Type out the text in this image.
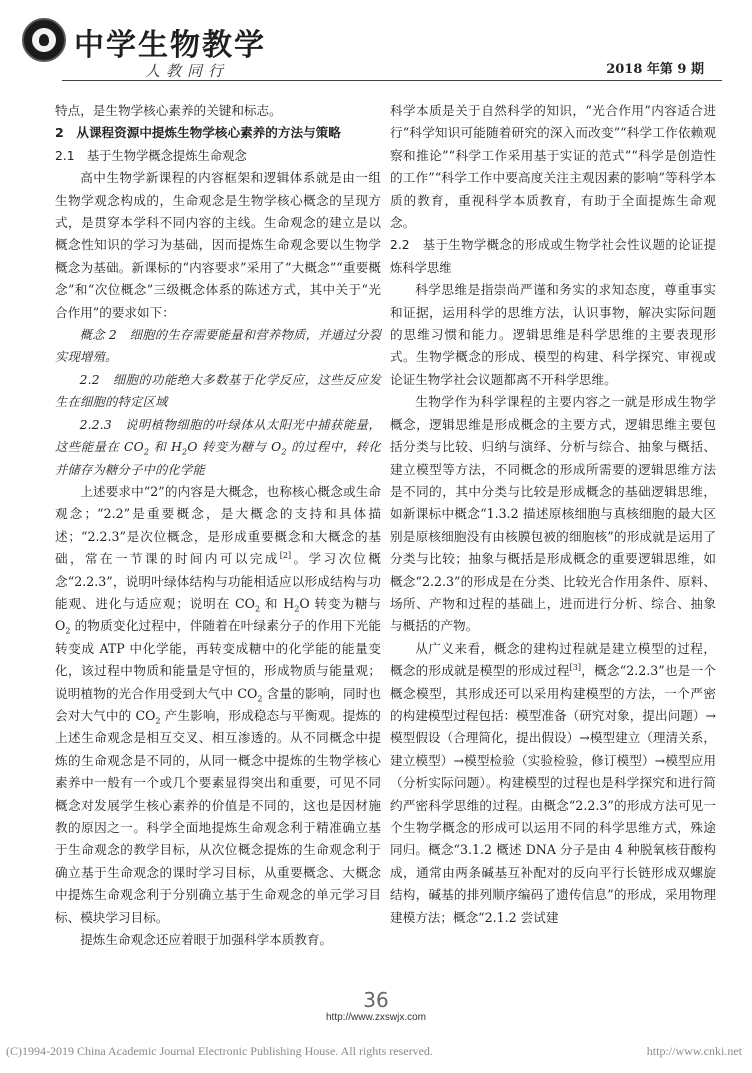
中学生物教学
人教同行	2018 年第 9 期

特点，是生物学核心素养的关键和标志。

2　从课程资源中提炼生物学核心素养的方法与策略

2.1　基于生物学概念提炼生命观念

高中生物学新课程的内容框架和逻辑体系就是由一组生物学观念构成的，生命观念是生物学核心概念的呈现方式，是贯穿本学科不同内容的主线。生命观念的建立是以概念性知识的学习为基础，因而提炼生命观念要以生物学概念为基础。新课标的“内容要求”采用了“大概念”“重要概念”和“次位概念”三级概念体系的陈述方式，其中关于“光合作用”的要求如下：

概念 2　细胞的生存需要能量和营养物质，并通过分裂实现增殖。

2.2　细胞的功能绝大多数基于化学反应，这些反应发生在细胞的特定区域

2.2.3　说明植物细胞的叶绿体从太阳光中捕获能量，这些能量在 $CO_2$ 和 $H_2O$ 转变为糖与 $O_2$ 的过程中，转化并储存为糖分子中的化学能

上述要求中“2”的内容是大概念，也称核心概念或生命观念；“2.2”是重要概念，是大概念的支持和具体描述；“2.2.3”是次位概念，是形成重要概念和大概念的基础，常在一节课的时间内可以完成[2]。学习次位概念“2.2.3”，说明叶绿体结构与功能相适应以形成结构与功能观、进化与适应观；说明在 $CO_2$ 和 $H_2O$ 转变为糖与 $O_2$ 的物质变化过程中，伴随着在叶绿素分子的作用下光能转变成 ATP 中化学能，再转变成糖中的化学能的能量变化，该过程中物质和能量是守恒的，形成物质与能量观；说明植物的光合作用受到大气中 $CO_2$ 含量的影响，同时也会对大气中的 $CO_2$ 产生影响，形成稳态与平衡观。提炼的上述生命观念是相互交叉、相互渗透的。从不同概念中提炼的生命观念是不同的，从同一概念中提炼的生物学核心素养中一般有一个或几个要素显得突出和重要，可见不同概念对发展学生核心素养的价值是不同的，这也是因材施教的原因之一。科学全面地提炼生命观念利于精准确立基于生命观念的教学目标，从次位概念提炼的生命观念利于确立基于生命观念的课时学习目标，从重要概念、大概念中提炼生命观念利于分别确立基于生命观念的单元学习目标、模块学习目标。

提炼生命观念还应着眼于加强科学本质教育。

科学本质是关于自然科学的知识，“光合作用”内容适合进行“科学知识可能随着研究的深入而改变”“科学工作依赖观察和推论”“科学工作采用基于实证的范式”“科学是创造性的工作”“科学工作中要高度关注主观因素的影响”等科学本质的教育，重视科学本质教育，有助于全面提炼生命观念。

2.2　基于生物学概念的形成或生物学社会性议题的论证提炼科学思维

科学思维是指崇尚严谨和务实的求知态度，尊重事实和证据，运用科学的思维方法，认识事物，解决实际问题的思维习惯和能力。逻辑思维是科学思维的主要表现形式。生物学概念的形成、模型的构建、科学探究、审视或论证生物学社会议题都离不开科学思维。

生物学作为科学课程的主要内容之一就是形成生物学概念，逻辑思维是形成概念的主要方式，逻辑思维主要包括分类与比较、归纳与演绎、分析与综合、抽象与概括、建立模型等方法，不同概念的形成所需要的逻辑思维方法是不同的，其中分类与比较是形成概念的基础逻辑思维，如新课标中概念“1.3.2 描述原核细胞与真核细胞的最大区别是原核细胞没有由核膜包被的细胞核”的形成就是运用了分类与比较；抽象与概括是形成概念的重要逻辑思维，如概念“2.2.3”的形成是在分类、比较光合作用条件、原料、场所、产物和过程的基础上，进而进行分析、综合、抽象与概括的产物。

从广义来看，概念的建构过程就是建立模型的过程，概念的形成就是模型的形成过程[3]，概念“2.2.3”也是一个概念模型，其形成还可以采用构建模型的方法，一个严密的构建模型过程包括：模型准备（研究对象，提出问题）→模型假设（合理简化，提出假设）→模型建立（理清关系，建立模型）→模型检验（实验检验，修订模型）→模型应用（分析实际问题）。构建模型的过程也是科学探究和进行简约严密科学思维的过程。由概念“2.2.3”的形成方法可见一个生物学概念的形成可以运用不同的科学思维方式，殊途同归。概念“3.1.2 概述 DNA 分子是由 4 种脱氧核苷酸构成，通常由两条碱基互补配对的反向平行长链形成双螺旋结构，碱基的排列顺序编码了遗传信息”的形成，采用物理建模方法；概念“2.1.2 尝试建

36
http://www.zxswjx.com
(C)1994-2019 China Academic Journal Electronic Publishing House. All rights reserved.	http://www.cnki.net
